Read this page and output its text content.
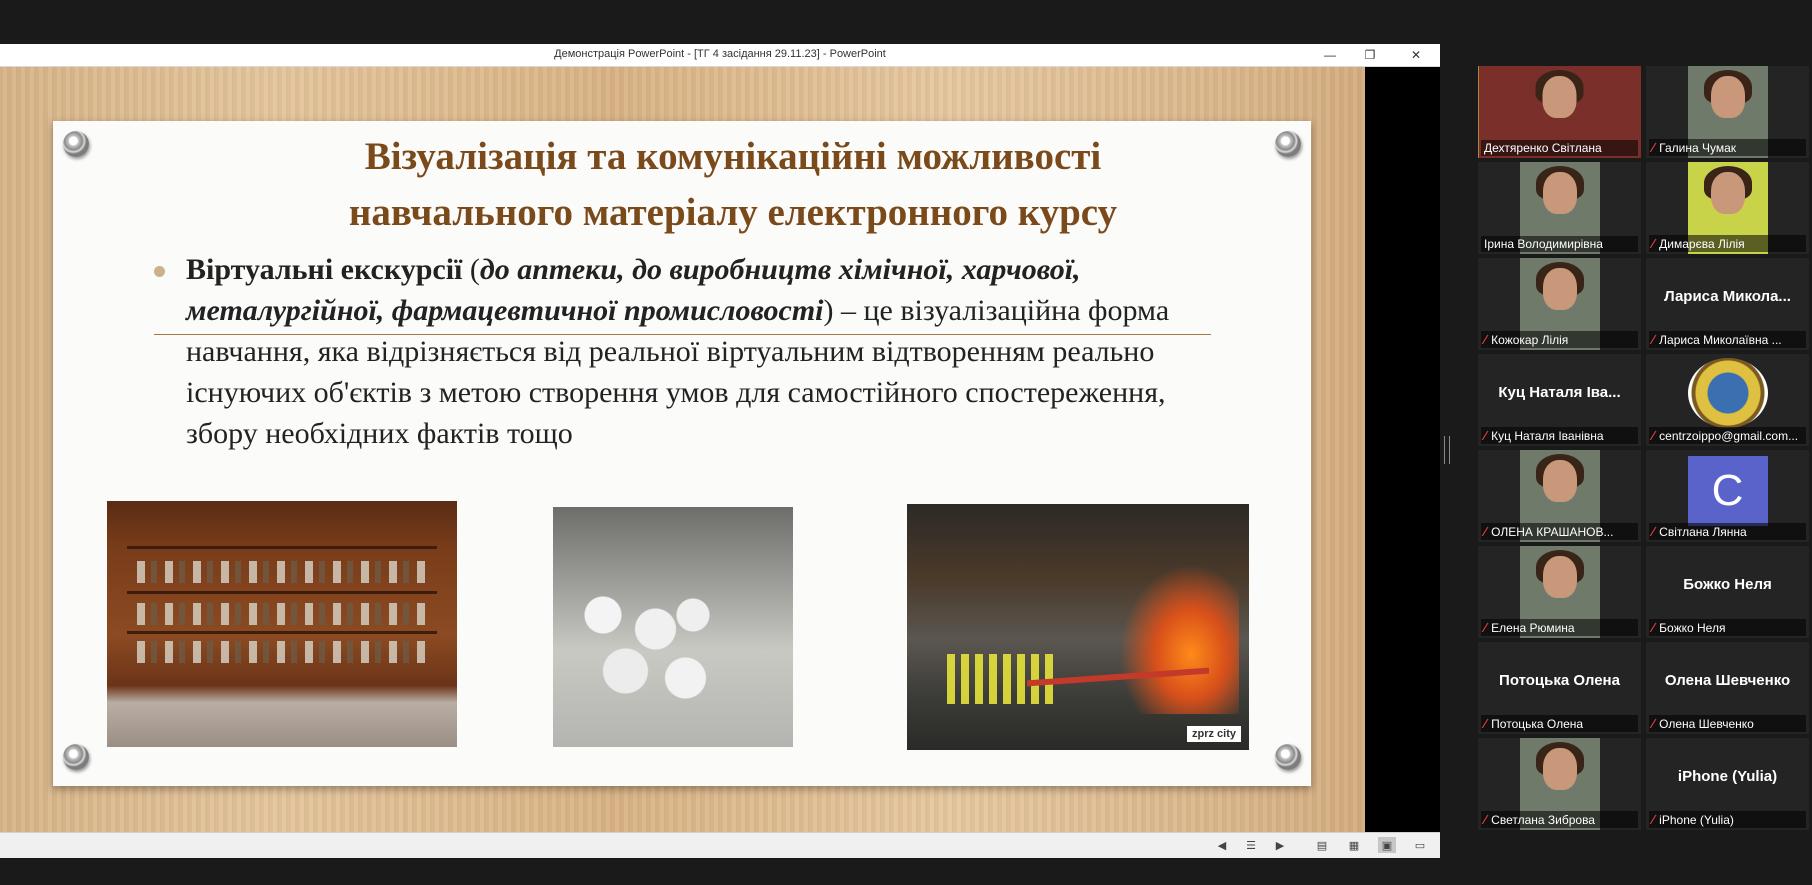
Демонстрація PowerPoint - [ТГ 4 засідання 29.11.23] - PowerPoint	—	❐	✕
Візуалізація та комунікаційні можливості
навчального матеріалу електронного курсу
Віртуальні екскурсії (до аптеки, до виробництв хімічної, харчової, металургійної, фармацевтичної промисловості) – це візуалізаційна форма навчання, яка відрізняється від реальної віртуальним відтворенням реально існуючих об'єктів з метою створення умов для самостійного спостереження, збору необхідних фактів тощо
zprz city
◀	☰	▶	▤	▦	▣	▭
Дехтяренко Світлана	⁄ Галина Чумак
Ірина Володимирівна	⁄ Димарєва Лілія
⁄ Кожокар Лілія
Лариса Микола...
⁄ Лариса Миколаївна ...
Куц Наталя Іва...
⁄ Куц Наталя Іванівна	⁄ centrzoippo@gmail.com...
⁄ ОЛЕНА КРАШАНОВ...
C
⁄ Світлана Лянна
⁄ Елена Рюмина
Божко Неля
⁄ Божко Неля
Потоцька Олена
⁄ Потоцька Олена
Олена Шевченко
⁄ Олена Шевченко
⁄ Светлана Зиброва
iPhone (Yulia)
⁄ iPhone (Yulia)
